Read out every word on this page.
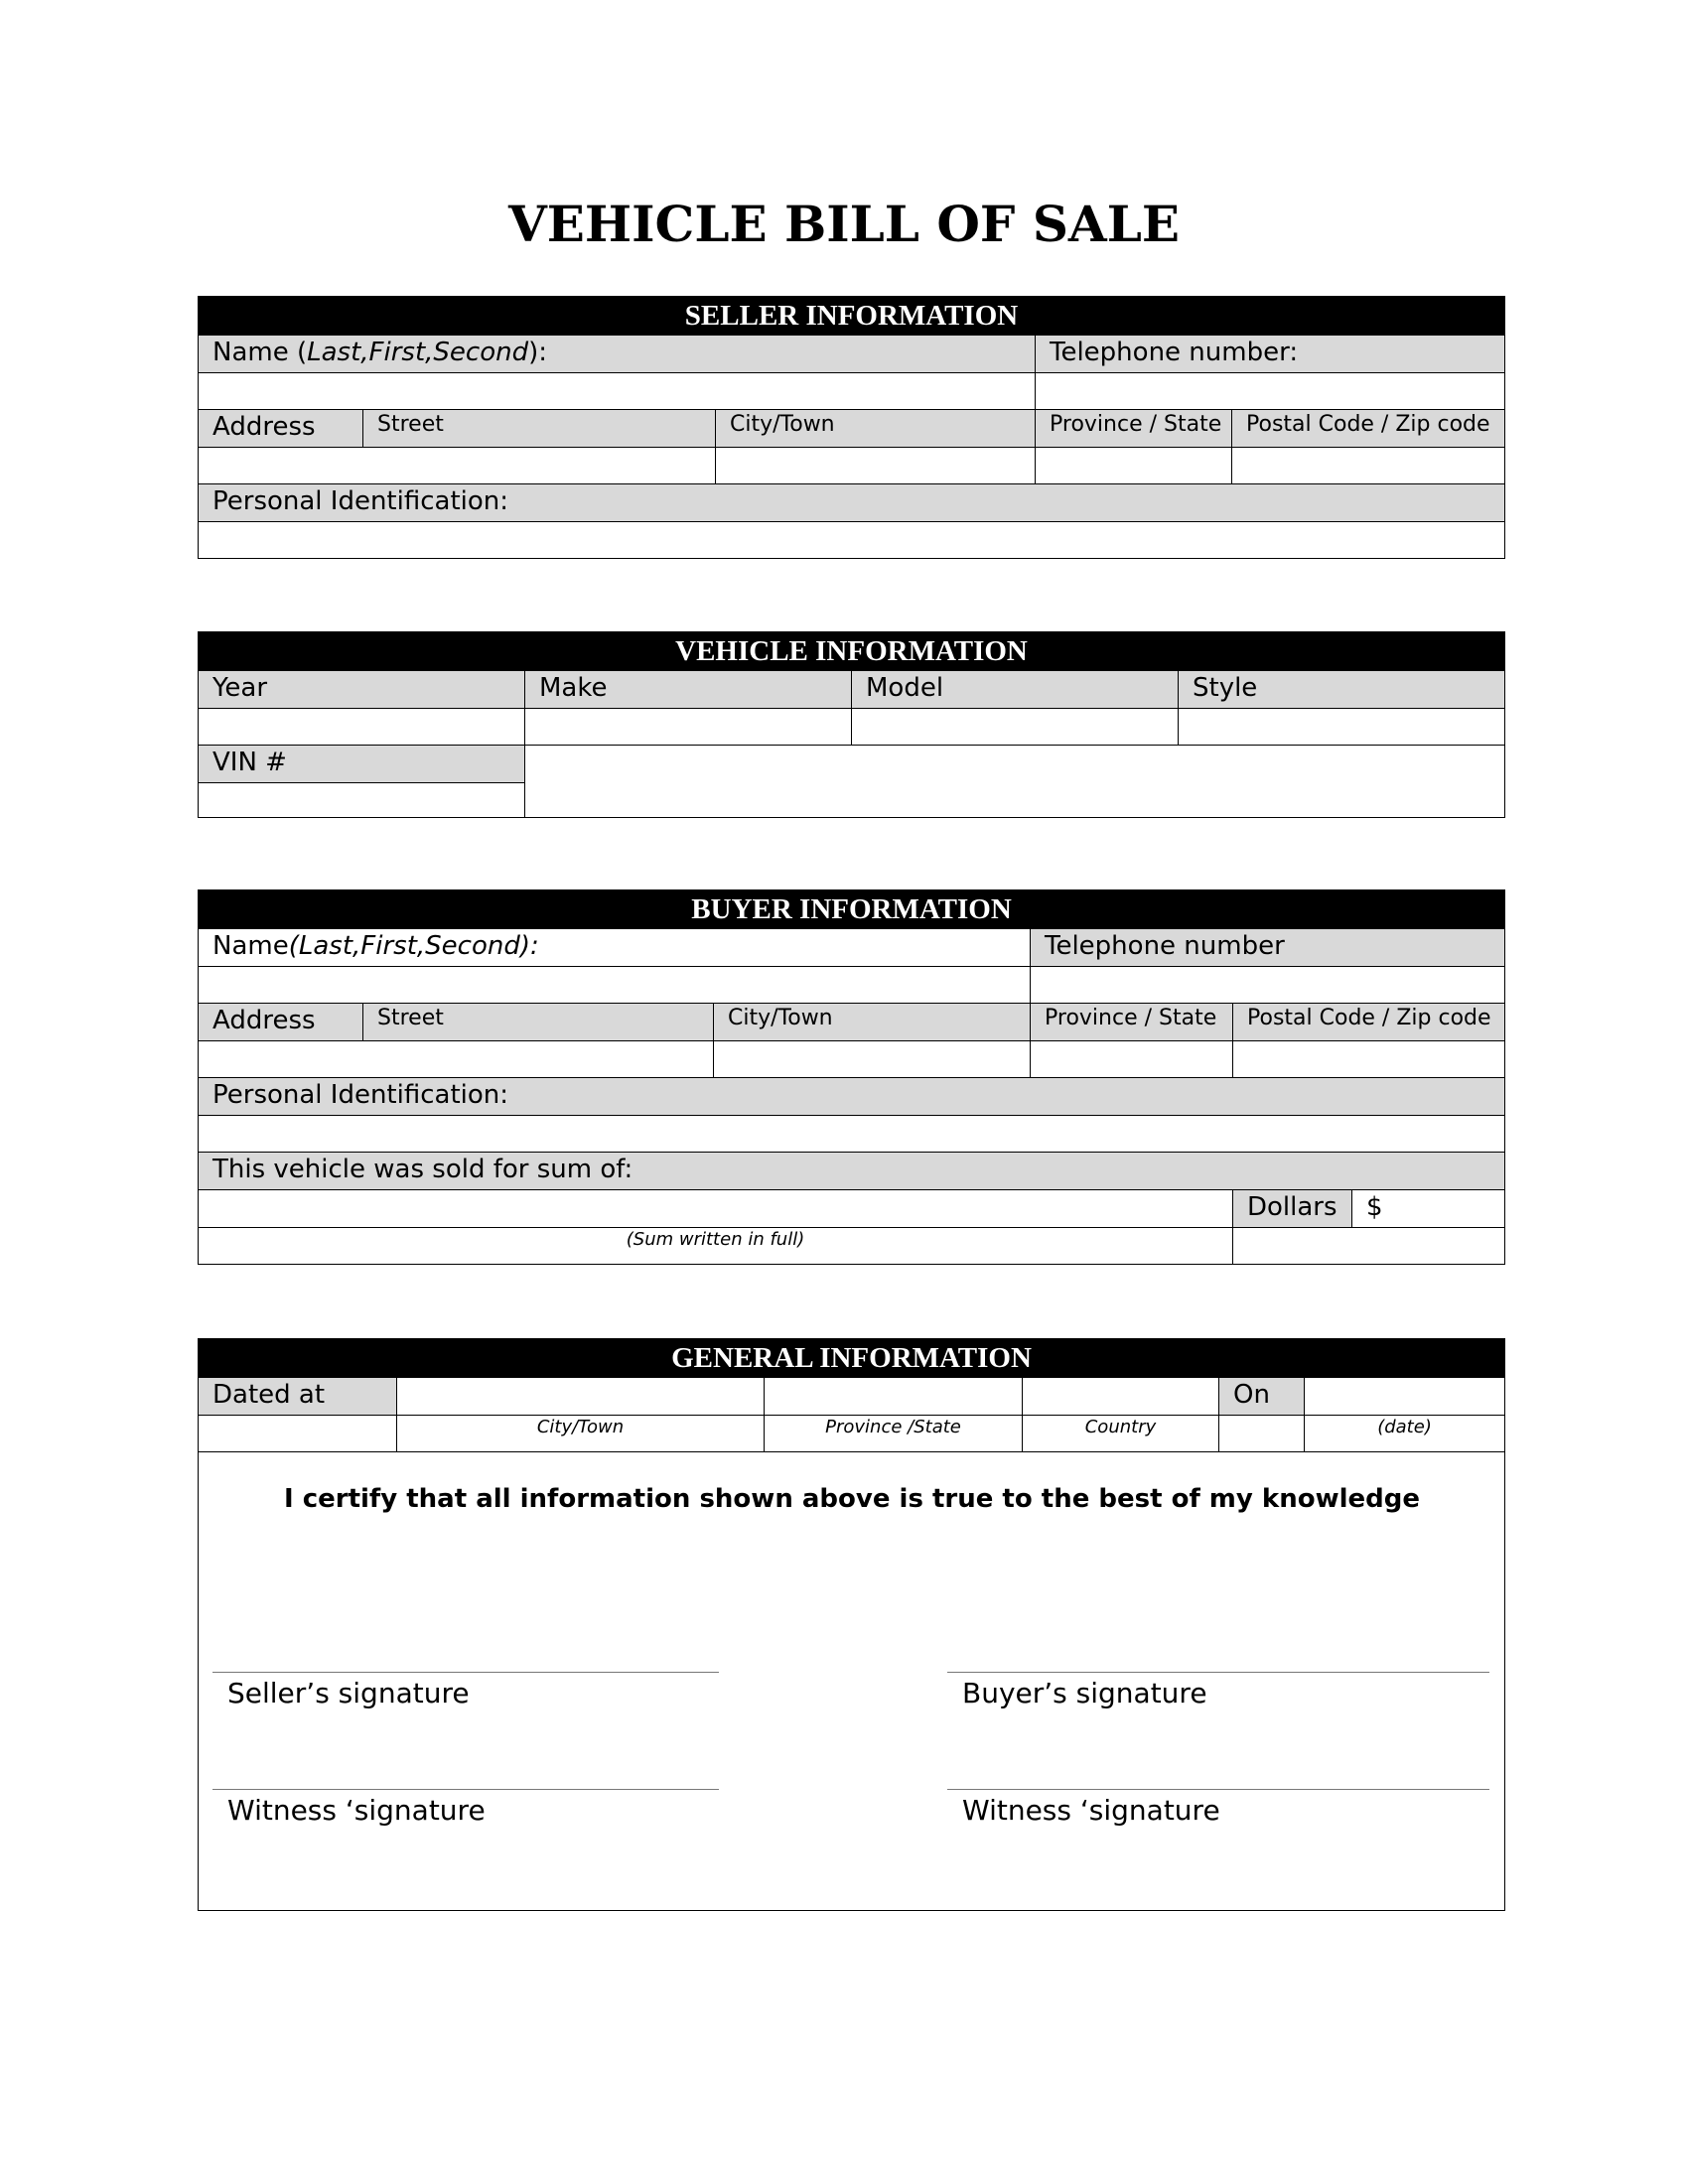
VEHICLE BILL OF SALE
SELLER INFORMATION				
Name (Last,First,Second):			Telephone number:	

Address	Street	City/Town	Province / State	Postal Code / Zip code

Personal Identification:				

VEHICLE INFORMATION			
Year	Make	Model	Style

VIN #			

BUYER INFORMATION					
Name(Last,First,Second):			Telephone number		

Address	Street	City/Town	Province / State	Postal Code / Zip code	

Personal Identification:					

This vehicle was sold for sum of:					
				Dollars	$
(Sum written in full)					
GENERAL INFORMATION					
Dated at				On	
	City/Town	Province /State	Country		(date)

I certify that all information shown above is true to the best of my knowledge
Seller’s signature Buyer’s signature
Witness ‘signature Witness ‘signature					
